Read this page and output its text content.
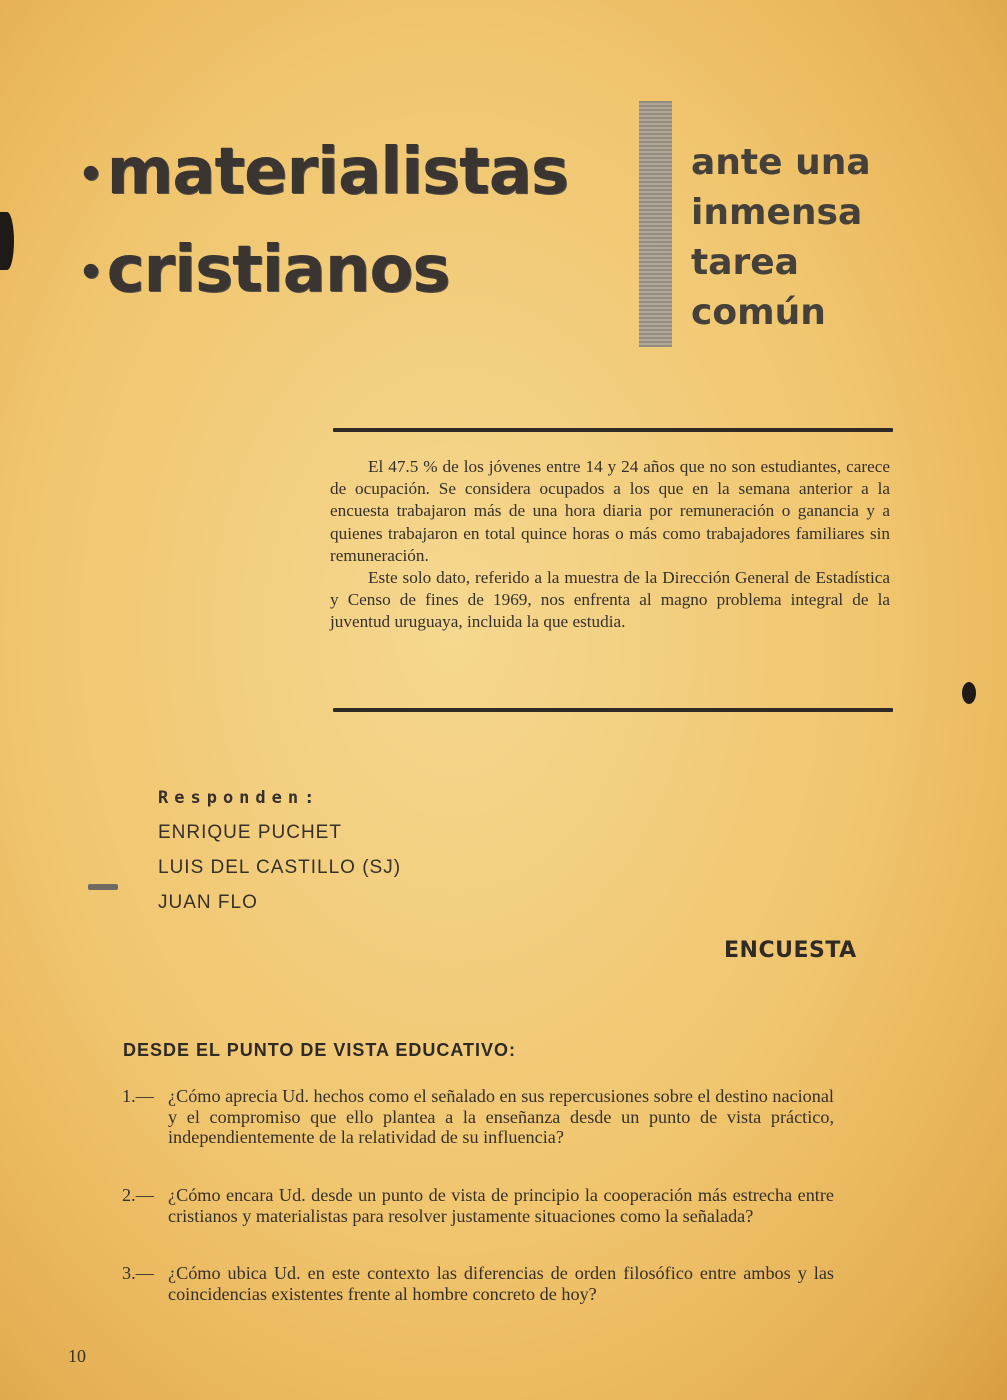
•materialistas
•cristianos
ante una
inmensa
tarea
común

El 47.5 % de los jóvenes entre 14 y 24 años que no son estudiantes, carece de ocupación. Se considera ocupados a los que en la semana anterior a la encuesta trabajaron más de una hora diaria por remuneración o ganancia y a quienes trabajaron en total quince horas o más como trabajadores familiares sin remuneración.

Este solo dato, referido a la muestra de la Dirección General de Estadística y Censo de fines de 1969, nos enfrenta al magno problema integral de la juventud uruguaya, incluida la que estudia.

Responden:
ENRIQUE PUCHET
LUIS DEL CASTILLO (SJ)
JUAN FLO
ENCUESTA
DESDE EL PUNTO DE VISTA EDUCATIVO:
1.— ¿Cómo aprecia Ud. hechos como el señalado en sus repercusiones sobre el destino nacional y el compromiso que ello plantea a la enseñanza desde un punto de vista práctico, independientemente de la relatividad de su influencia?
2.— ¿Cómo encara Ud. desde un punto de vista de principio la cooperación más estrecha entre cristianos y materialistas para resolver justamente situaciones como la señalada?
3.— ¿Cómo ubica Ud. en este contexto las diferencias de orden filosófico entre ambos y las coincidencias existentes frente al hombre concreto de hoy?
10
